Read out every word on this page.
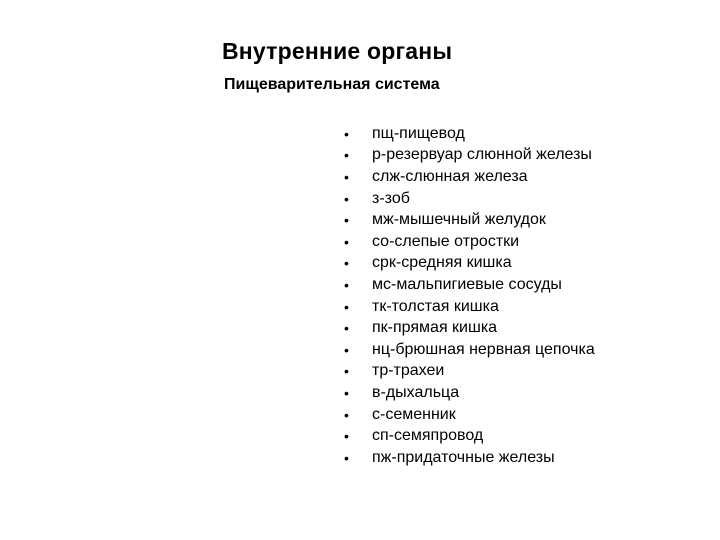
Внутренние органы
Пищеварительная система
•	пщ-пищевод
•	р-резервуар слюнной железы
•	слж-слюнная железа
•	з-зоб
•	мж-мышечный желудок
•	со-слепые отростки
•	срк-средняя кишка
•	мс-мальпигиевые сосуды
•	тк-толстая кишка
•	пк-прямая кишка
•	нц-брюшная нервная цепочка
•	тр-трахеи
•	в-дыхальца
•	с-семенник
•	сп-семяпровод
•	пж-придаточные железы
